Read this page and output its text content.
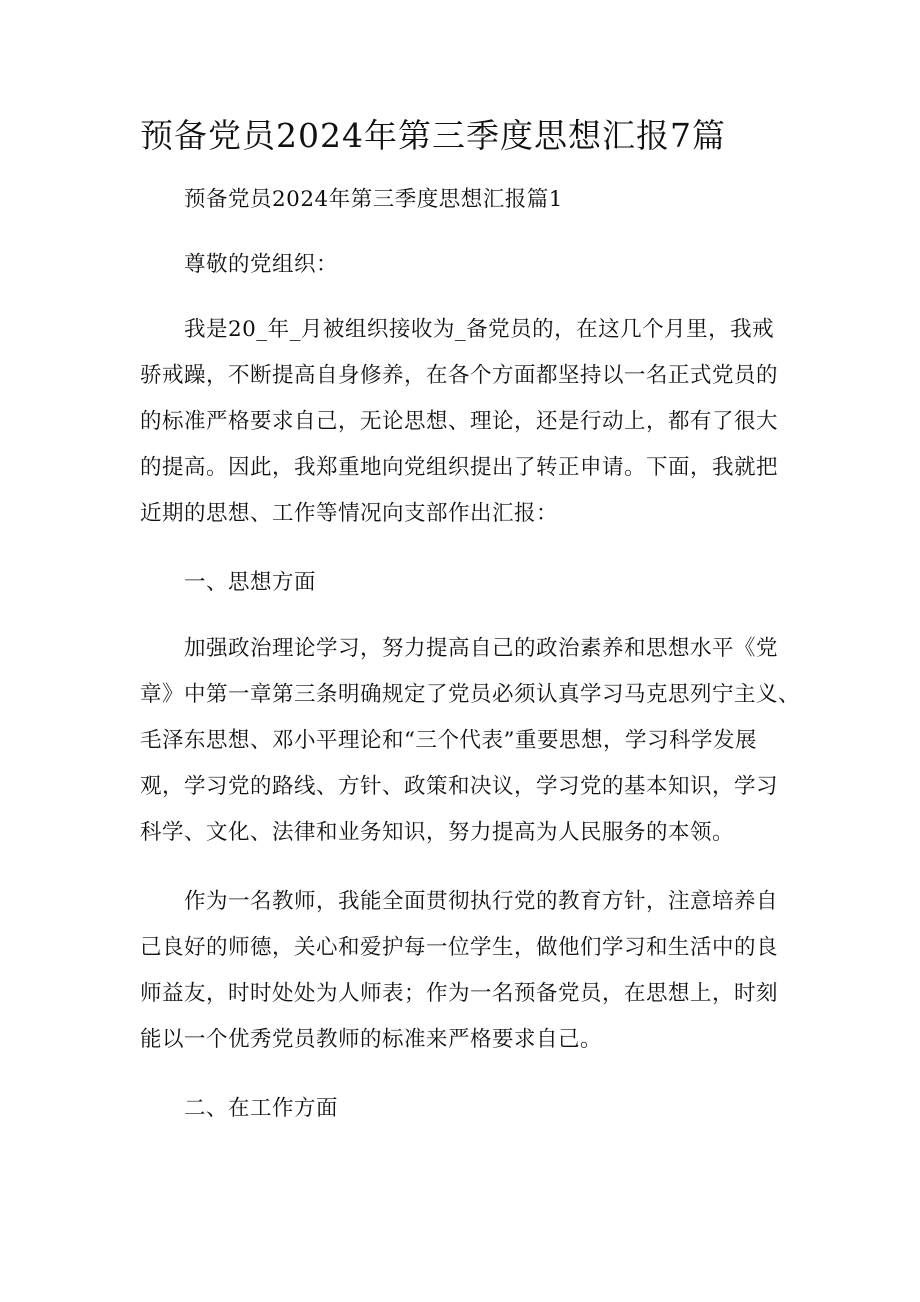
预备党员2024年第三季度思想汇报7篇

预备党员2024年第三季度思想汇报篇1

尊敬的党组织：

我是20_年_月被组织接收为_备党员的，在这几个月里，我戒

骄戒躁，不断提高自身修养，在各个方面都坚持以一名正式党员的

的标准严格要求自己，无论思想、理论，还是行动上，都有了很大

的提高。因此，我郑重地向党组织提出了转正申请。下面，我就把

近期的思想、工作等情况向支部作出汇报：

一、思想方面

加强政治理论学习，努力提高自己的政治素养和思想水平《党

章》中第一章第三条明确规定了党员必须认真学习马克思列宁主义、

毛泽东思想、邓小平理论和“三个代表”重要思想，学习科学发展

观，学习党的路线、方针、政策和决议，学习党的基本知识，学习

科学、文化、法律和业务知识，努力提高为人民服务的本领。

作为一名教师，我能全面贯彻执行党的教育方针，注意培养自

己良好的师德，关心和爱护每一位学生，做他们学习和生活中的良

师益友，时时处处为人师表；作为一名预备党员，在思想上，时刻

能以一个优秀党员教师的标准来严格要求自己。

二、在工作方面
